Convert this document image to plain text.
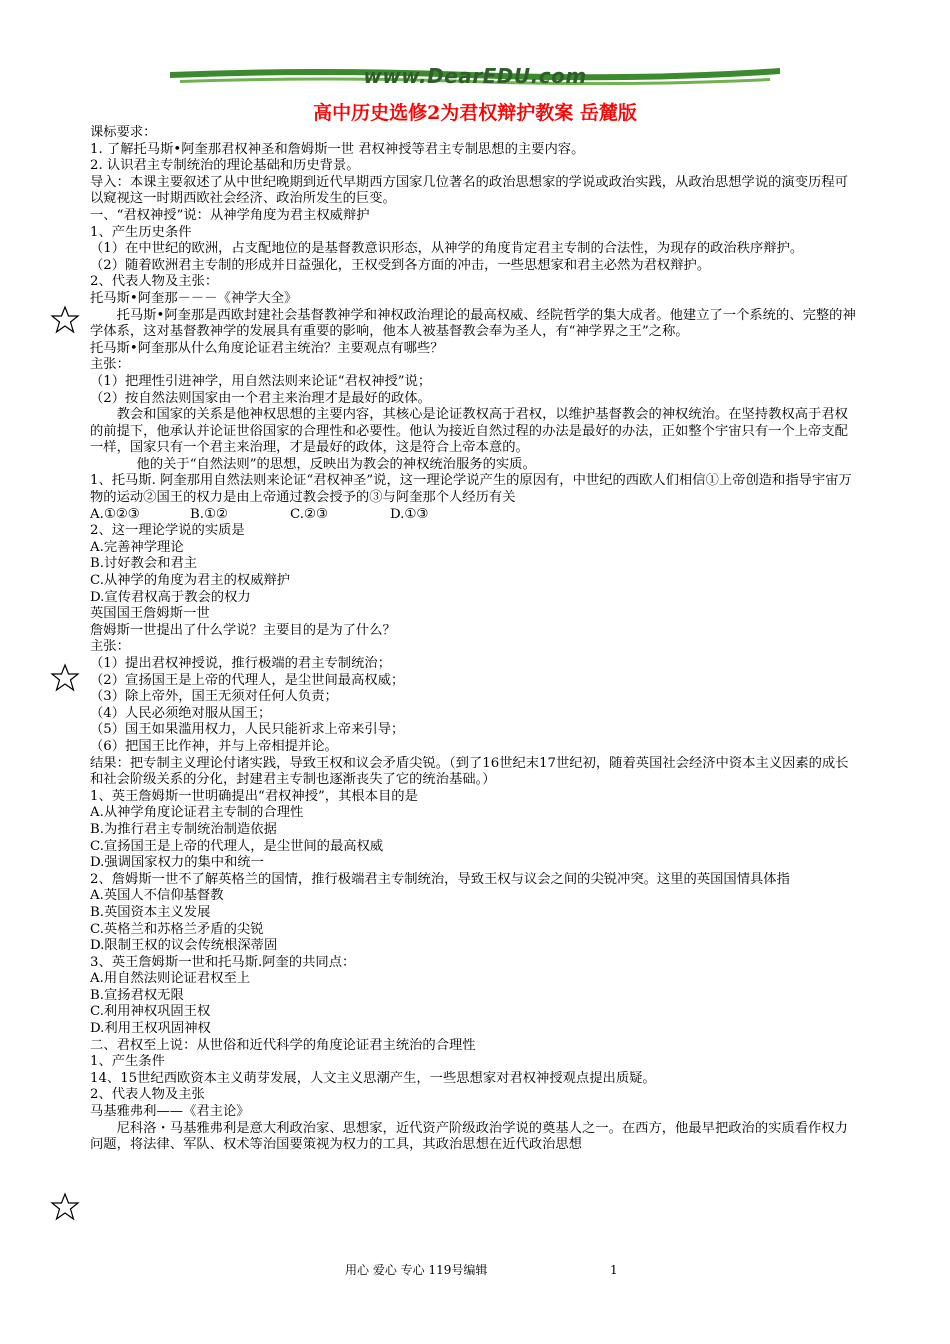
www.DearEDU.com
高中历史选修2为君权辩护教案 岳麓版

课标要求：

1. 了解托马斯•阿奎那君权神圣和詹姆斯一世 君权神授等君主专制思想的主要内容。

2. 认识君主专制统治的理论基础和历史背景。

导入：本课主要叙述了从中世纪晚期到近代早期西方国家几位著名的政治思想家的学说或政治实践，从政治思想学说的演变历程可以窥视这一时期西欧社会经济、政治所发生的巨变。

一、“君权神授”说：从神学角度为君主权威辩护

1、产生历史条件

（1）在中世纪的欧洲，占支配地位的是基督教意识形态，从神学的角度肯定君主专制的合法性，为现存的政治秩序辩护。

（2）随着欧洲君主专制的形成并日益强化，王权受到各方面的冲击，一些思想家和君主必然为君权辩护。

2、代表人物及主张：

托马斯•阿奎那－－－《神学大全》

托马斯•阿奎那是西欧封建社会基督教神学和神权政治理论的最高权威、经院哲学的集大成者。他建立了一个系统的、完整的神学体系，这对基督教神学的发展具有重要的影响，他本人被基督教会奉为圣人，有“神学界之王”之称。

托马斯•阿奎那从什么角度论证君主统治？主要观点有哪些？

主张：

（1）把理性引进神学，用自然法则来论证“君权神授”说；

（2）按自然法则国家由一个君主来治理才是最好的政体。

教会和国家的关系是他神权思想的主要内容，其核心是论证教权高于君权，以维护基督教会的神权统治。在坚持教权高于君权的前提下，他承认并论证世俗国家的合理性和必要性。他认为接近自然过程的办法是最好的办法，正如整个宇宙只有一个上帝支配一样，国家只有一个君主来治理，才是最好的政体，这是符合上帝本意的。

他的关于“自然法则”的思想，反映出为教会的神权统治服务的实质。

1、托马斯. 阿奎那用自然法则来论证“君权神圣”说，这一理论学说产生的原因有，中世纪的西欧人们相信①上帝创造和指导宇宙万物的运动②国王的权力是由上帝通过教会授予的③与阿奎那个人经历有关

A.①②③	B.①②	C.②③	D.①③

2、这一理论学说的实质是

A.完善神学理论

B.讨好教会和君主

C.从神学的角度为君主的权威辩护

D.宣传君权高于教会的权力

英国国王詹姆斯一世

詹姆斯一世提出了什么学说？主要目的是为了什么？

主张：

（1）提出君权神授说，推行极端的君主专制统治；

（2）宣扬国王是上帝的代理人，是尘世间最高权威；

（3）除上帝外，国王无须对任何人负责；

（4）人民必须绝对服从国王；

（5）国王如果滥用权力，人民只能祈求上帝来引导；

（6）把国王比作神，并与上帝相提并论。

结果：把专制主义理论付诸实践，导致王权和议会矛盾尖锐。（到了16世纪末17世纪初，随着英国社会经济中资本主义因素的成长和社会阶级关系的分化，封建君主专制也逐渐丧失了它的统治基础。）

1、英王詹姆斯一世明确提出“君权神授”，其根本目的是

A.从神学角度论证君主专制的合理性

B.为推行君主专制统治制造依据

C.宣扬国王是上帝的代理人，是尘世间的最高权威

D.强调国家权力的集中和统一

2、詹姆斯一世不了解英格兰的国情，推行极端君主专制统治，导致王权与议会之间的尖锐冲突。这里的英国国情具体指

A.英国人不信仰基督教

B.英国资本主义发展

C.英格兰和苏格兰矛盾的尖锐

D.限制王权的议会传统根深蒂固

3、英王詹姆斯一世和托马斯.阿奎的共同点：

A.用自然法则论证君权至上

B.宣扬君权无限

C.利用神权巩固王权

D.利用王权巩固神权

二、君权至上说：从世俗和近代科学的角度论证君主统治的合理性

1、产生条件

14、15世纪西欧资本主义萌芽发展，人文主义思潮产生，一些思想家对君权神授观点提出质疑。

2、代表人物及主张

马基雅弗利——《君主论》

尼科洛・马基雅弗利是意大利政治家、思想家，近代资产阶级政治学说的奠基人之一。在西方，他最早把政治的实质看作权力问题，将法律、军队、权术等治国要策视为权力的工具，其政治思想在近代政治思想

用心 爱心 专心 119号编辑	1
